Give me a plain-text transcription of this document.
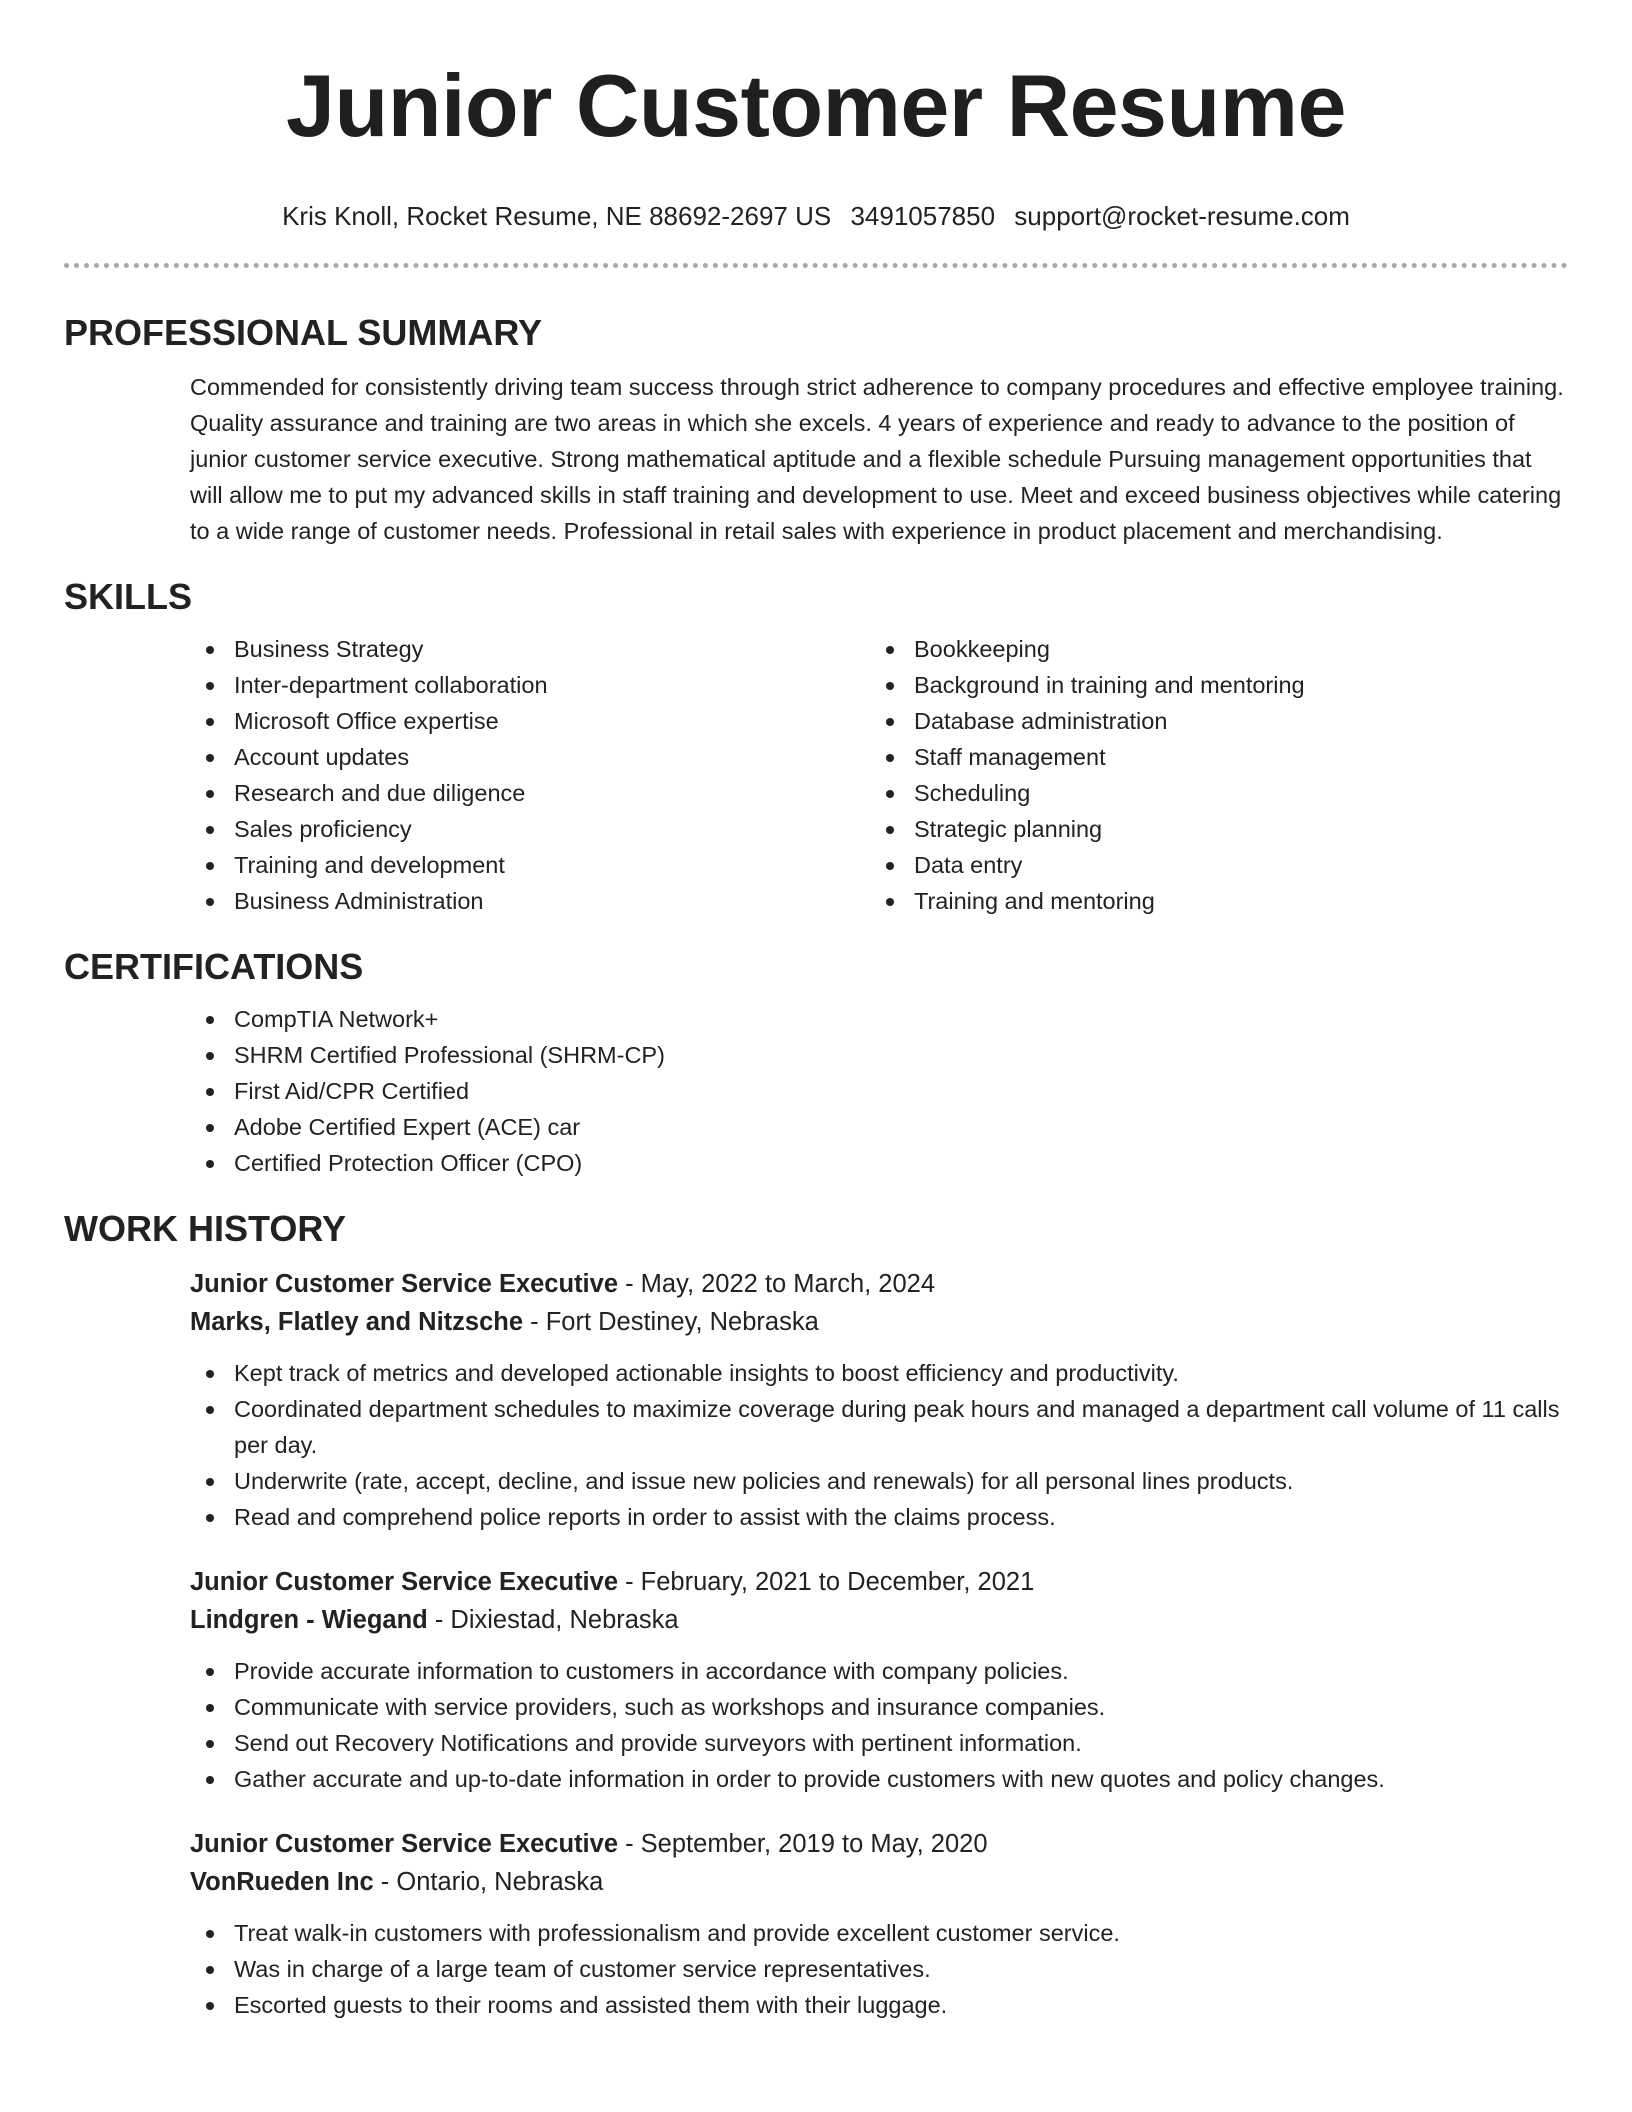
Junior Customer Resume
Kris Knoll, Rocket Resume, NE 88692-2697 US 3491057850 support@rocket-resume.com
PROFESSIONAL SUMMARY

Commended for consistently driving team success through strict adherence to company procedures and effective employee training. Quality assurance and training are two areas in which she excels. 4 years of experience and ready to advance to the position of junior customer service executive. Strong mathematical aptitude and a flexible schedule Pursuing management opportunities that will allow me to put my advanced skills in staff training and development to use. Meet and exceed business objectives while catering to a wide range of customer needs. Professional in retail sales with experience in product placement and merchandising.

SKILLS
Business Strategy
Inter-department collaboration
Microsoft Office expertise
Account updates
Research and due diligence
Sales proficiency
Training and development
Business Administration
Bookkeeping
Background in training and mentoring
Database administration
Staff management
Scheduling
Strategic planning
Data entry
Training and mentoring
CERTIFICATIONS
CompTIA Network+
SHRM Certified Professional (SHRM-CP)
First Aid/CPR Certified
Adobe Certified Expert (ACE) car
Certified Protection Officer (CPO)
WORK HISTORY
Junior Customer Service Executive - May, 2022 to March, 2024
Marks, Flatley and Nitzsche - Fort Destiney, Nebraska
Kept track of metrics and developed actionable insights to boost efficiency and productivity.
Coordinated department schedules to maximize coverage during peak hours and managed a department call volume of 11 calls per day.
Underwrite (rate, accept, decline, and issue new policies and renewals) for all personal lines products.
Read and comprehend police reports in order to assist with the claims process.
Junior Customer Service Executive - February, 2021 to December, 2021
Lindgren - Wiegand - Dixiestad, Nebraska
Provide accurate information to customers in accordance with company policies.
Communicate with service providers, such as workshops and insurance companies.
Send out Recovery Notifications and provide surveyors with pertinent information.
Gather accurate and up-to-date information in order to provide customers with new quotes and policy changes.
Junior Customer Service Executive - September, 2019 to May, 2020
VonRueden Inc - Ontario, Nebraska
Treat walk-in customers with professionalism and provide excellent customer service.
Was in charge of a large team of customer service representatives.
Escorted guests to their rooms and assisted them with their luggage.
